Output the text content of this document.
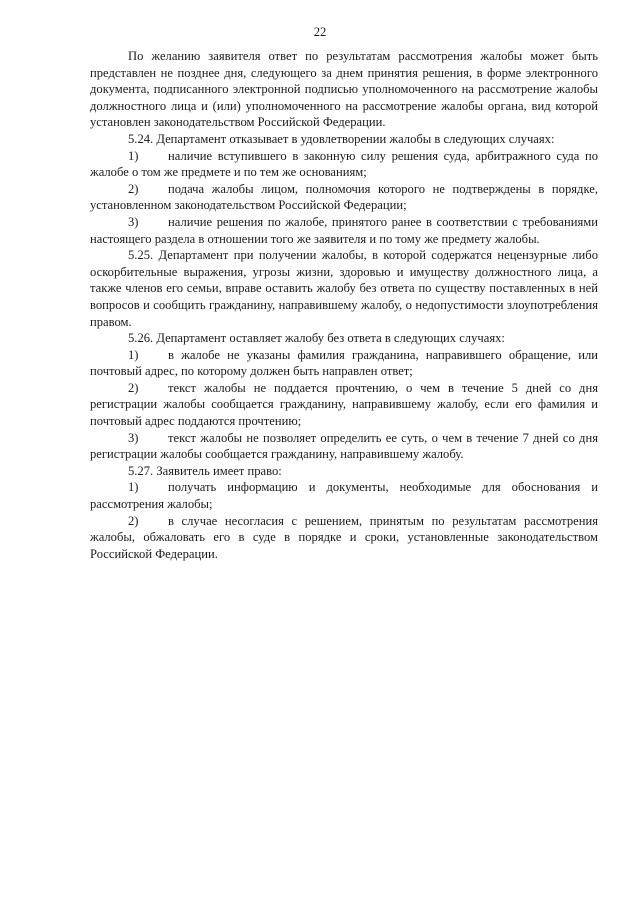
22

По желанию заявителя ответ по результатам рассмотрения жалобы может быть представлен не позднее дня, следующего за днем принятия решения, в форме электронного документа, подписанного электронной подписью уполномоченного на рассмотрение жалобы должностного лица и (или) уполномоченного на рассмотрение жалобы органа, вид которой установлен законодательством Российской Федерации.

5.24. Департамент отказывает в удовлетворении жалобы в следующих случаях:

1) наличие вступившего в законную силу решения суда, арбитражного суда по жалобе о том же предмете и по тем же основаниям;
2) подача жалобы лицом, полномочия которого не подтверждены в порядке, установленном законодательством Российской Федерации;
3) наличие решения по жалобе, принятого ранее в соответствии с требованиями настоящего раздела в отношении того же заявителя и по тому же предмету жалобы.

5.25. Департамент при получении жалобы, в которой содержатся нецензурные либо оскорбительные выражения, угрозы жизни, здоровью и имуществу должностного лица, а также членов его семьи, вправе оставить жалобу без ответа по существу поставленных в ней вопросов и сообщить гражданину, направившему жалобу, о недопустимости злоупотребления правом.

5.26. Департамент оставляет жалобу без ответа в следующих случаях:

1) в жалобе не указаны фамилия гражданина, направившего обращение, или почтовый адрес, по которому должен быть направлен ответ;
2) текст жалобы не поддается прочтению, о чем в течение 5 дней со дня регистрации жалобы сообщается гражданину, направившему жалобу, если его фамилия и почтовый адрес поддаются прочтению;
3) текст жалобы не позволяет определить ее суть, о чем в течение 7 дней со дня регистрации жалобы сообщается гражданину, направившему жалобу.

5.27. Заявитель имеет право:

1) получать информацию и документы, необходимые для обоснования и рассмотрения жалобы;
2) в случае несогласия с решением, принятым по результатам рассмотрения жалобы, обжаловать его в суде в порядке и сроки, установленные законодательством Российской Федерации.
